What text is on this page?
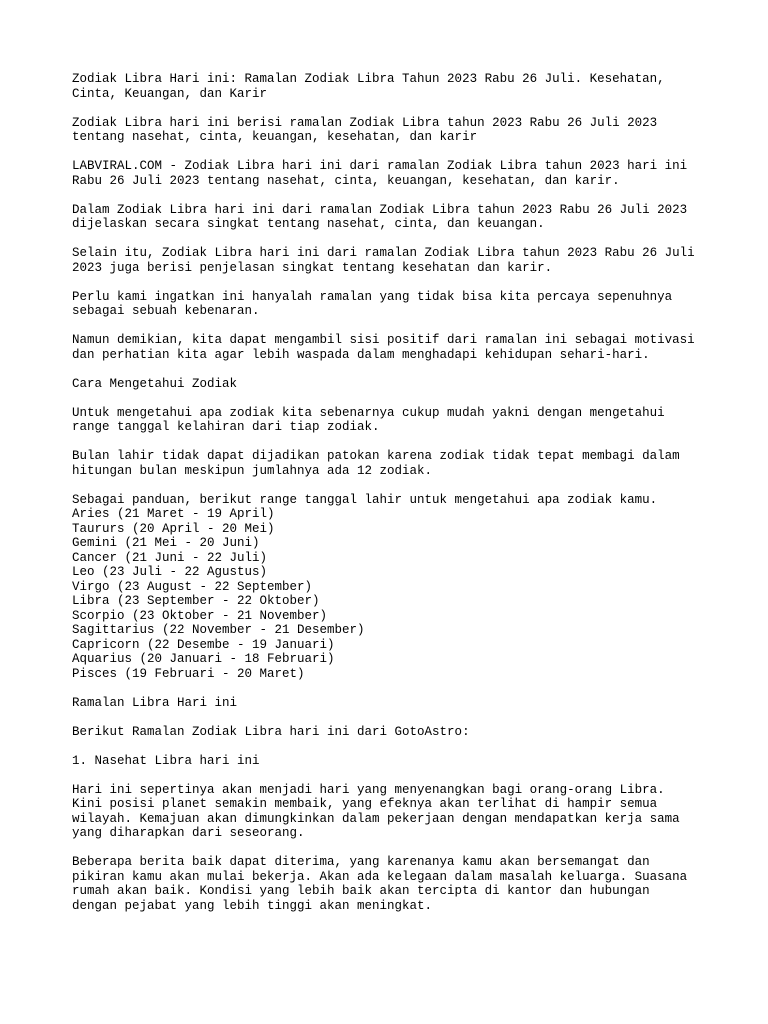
Zodiak Libra Hari ini: Ramalan Zodiak Libra Tahun 2023 Rabu 26 Juli. Kesehatan,
Cinta, Keuangan, dan Karir

Zodiak Libra hari ini berisi ramalan Zodiak Libra tahun 2023 Rabu 26 Juli 2023
tentang nasehat, cinta, keuangan, kesehatan, dan karir

LABVIRAL.COM - Zodiak Libra hari ini dari ramalan Zodiak Libra tahun 2023 hari ini
Rabu 26 Juli 2023 tentang nasehat, cinta, keuangan, kesehatan, dan karir.

Dalam Zodiak Libra hari ini dari ramalan Zodiak Libra tahun 2023 Rabu 26 Juli 2023
dijelaskan secara singkat tentang nasehat, cinta, dan keuangan.

Selain itu, Zodiak Libra hari ini dari ramalan Zodiak Libra tahun 2023 Rabu 26 Juli
2023 juga berisi penjelasan singkat tentang kesehatan dan karir.

Perlu kami ingatkan ini hanyalah ramalan yang tidak bisa kita percaya sepenuhnya
sebagai sebuah kebenaran.

Namun demikian, kita dapat mengambil sisi positif dari ramalan ini sebagai motivasi
dan perhatian kita agar lebih waspada dalam menghadapi kehidupan sehari-hari.

Cara Mengetahui Zodiak

Untuk mengetahui apa zodiak kita sebenarnya cukup mudah yakni dengan mengetahui
range tanggal kelahiran dari tiap zodiak.

Bulan lahir tidak dapat dijadikan patokan karena zodiak tidak tepat membagi dalam
hitungan bulan meskipun jumlahnya ada 12 zodiak.

Sebagai panduan, berikut range tanggal lahir untuk mengetahui apa zodiak kamu.
Aries (21 Maret - 19 April)
Taururs (20 April - 20 Mei)
Gemini (21 Mei - 20 Juni)
Cancer (21 Juni - 22 Juli)
Leo (23 Juli - 22 Agustus)
Virgo (23 August - 22 September)
Libra (23 September - 22 Oktober)
Scorpio (23 Oktober - 21 November)
Sagittarius (22 November - 21 Desember)
Capricorn (22 Desembe - 19 Januari)
Aquarius (20 Januari - 18 Februari)
Pisces (19 Februari - 20 Maret)

Ramalan Libra Hari ini

Berikut Ramalan Zodiak Libra hari ini dari GotoAstro:

1. Nasehat Libra hari ini

Hari ini sepertinya akan menjadi hari yang menyenangkan bagi orang-orang Libra.
Kini posisi planet semakin membaik, yang efeknya akan terlihat di hampir semua
wilayah. Kemajuan akan dimungkinkan dalam pekerjaan dengan mendapatkan kerja sama
yang diharapkan dari seseorang.

Beberapa berita baik dapat diterima, yang karenanya kamu akan bersemangat dan
pikiran kamu akan mulai bekerja. Akan ada kelegaan dalam masalah keluarga. Suasana
rumah akan baik. Kondisi yang lebih baik akan tercipta di kantor dan hubungan
dengan pejabat yang lebih tinggi akan meningkat.
